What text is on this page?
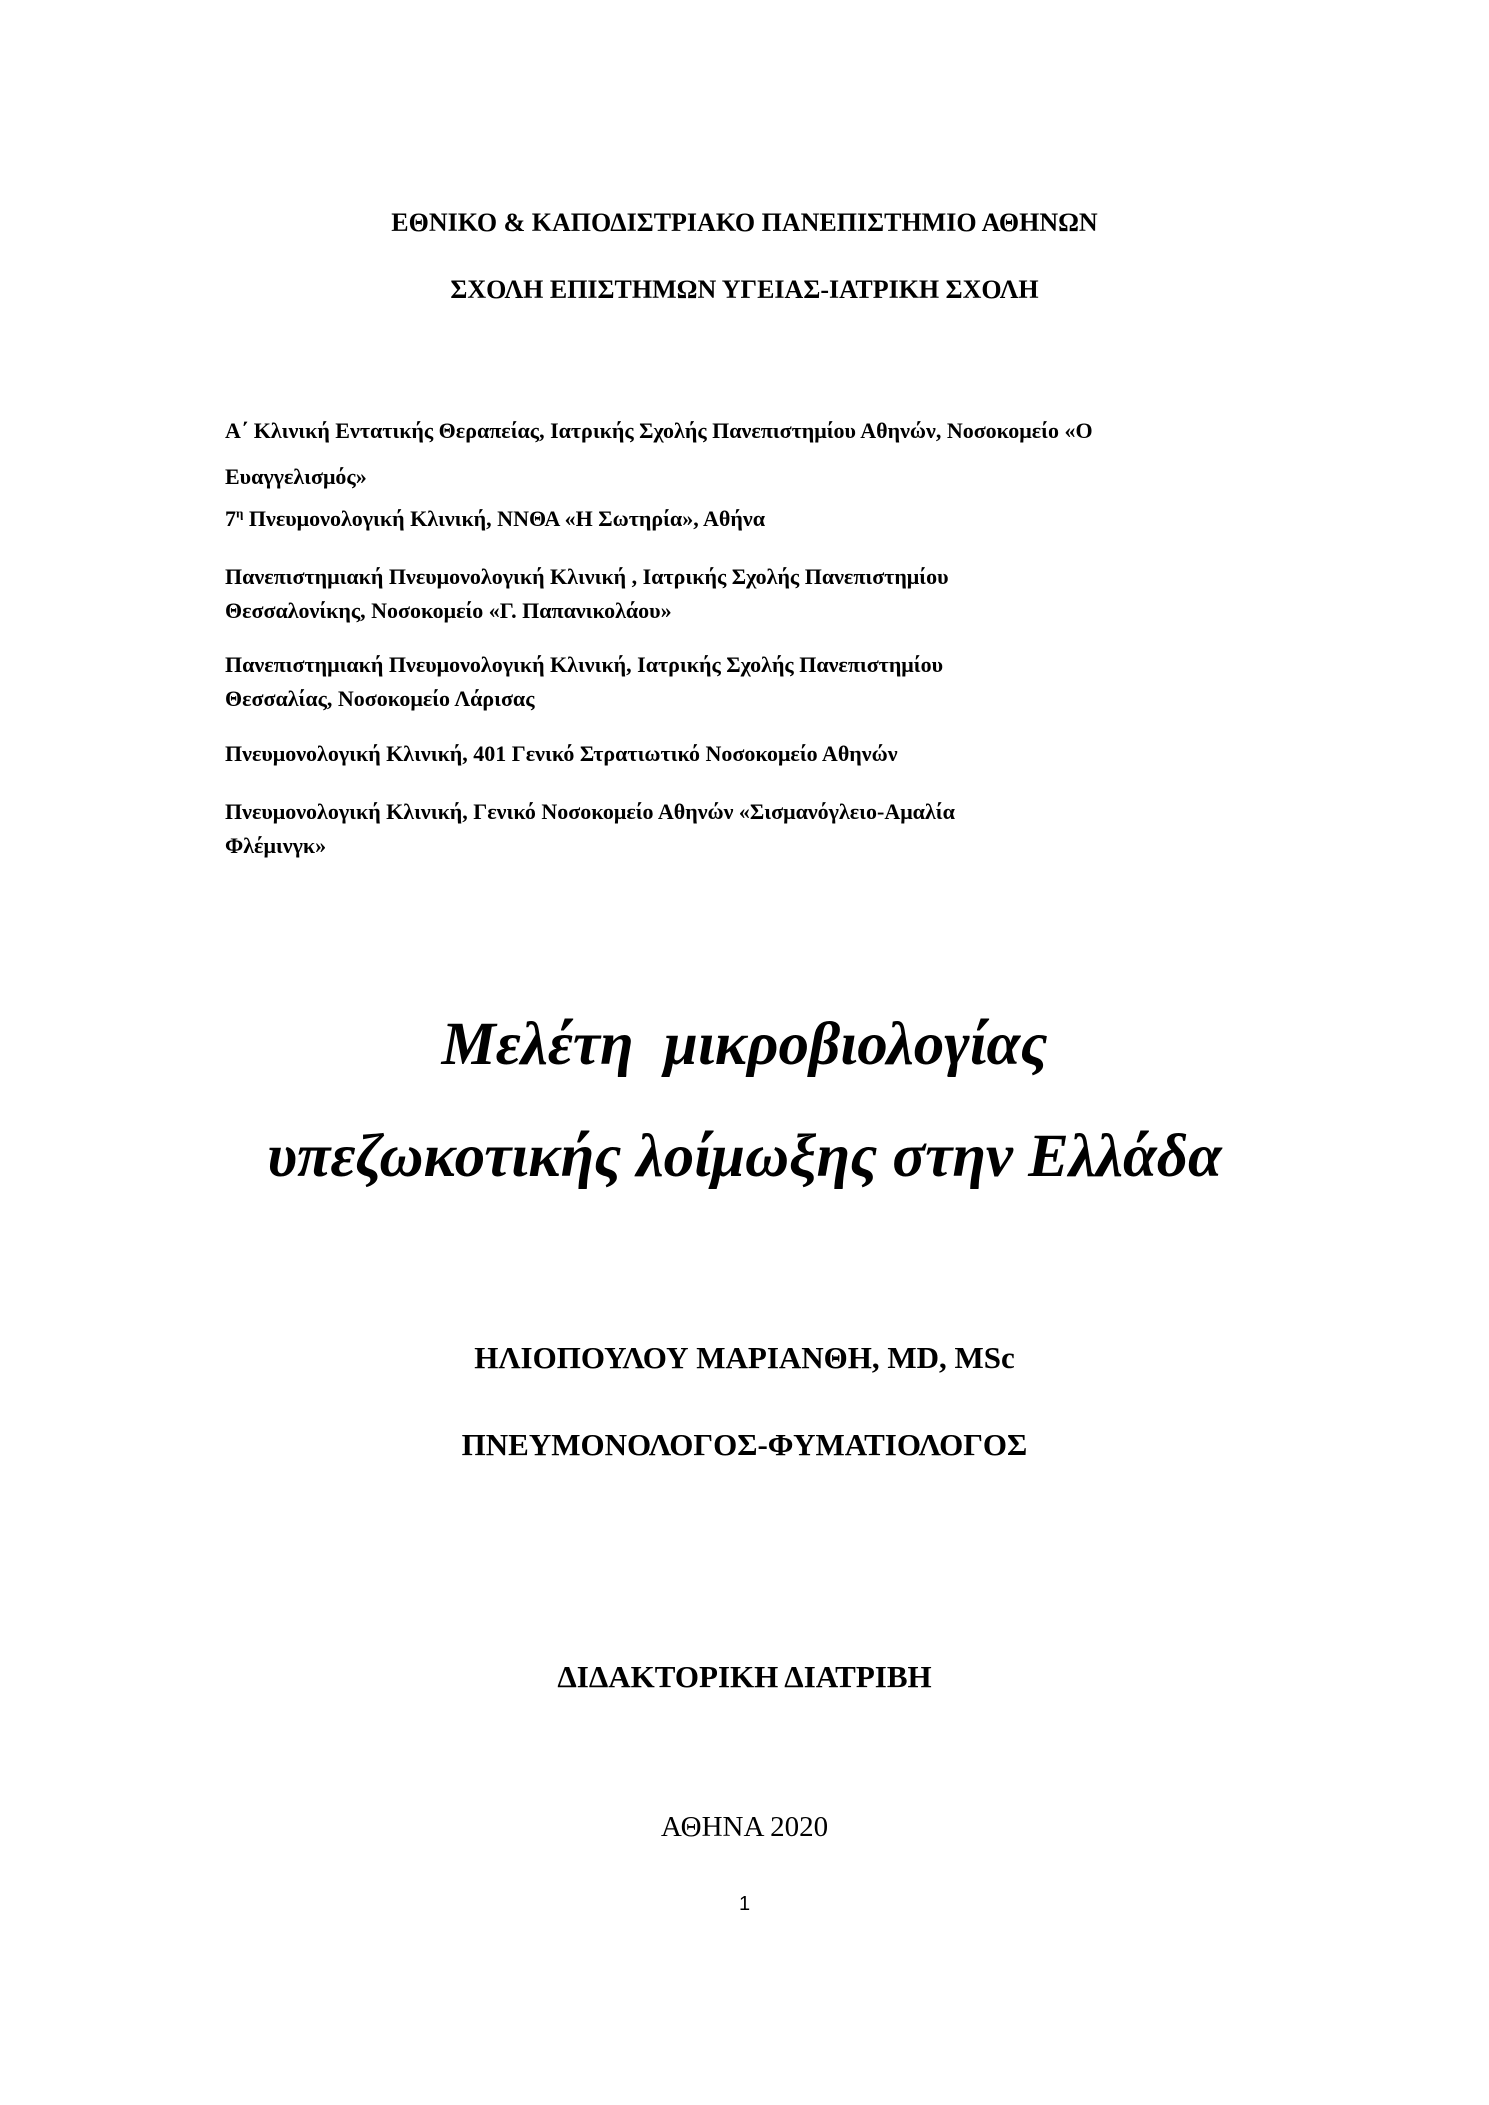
ΕΘΝΙΚΟ & ΚΑΠΟΔΙΣΤΡΙΑΚΟ ΠΑΝΕΠΙΣΤΗΜΙΟ ΑΘΗΝΩΝ
ΣΧΟΛΗ ΕΠΙΣΤΗΜΩΝ ΥΓΕΙΑΣ-ΙΑΤΡΙΚΗ ΣΧΟΛΗ

Α΄ Κλινική Εντατικής Θεραπείας, Ιατρικής Σχολής Πανεπιστημίου Αθηνών, Νοσοκομείο «Ο

Ευαγγελισμός»

$7^\eta$ Πνευμονολογική Κλινική, ΝΝΘΑ «Η Σωτηρία», Αθήνα

Πανεπιστημιακή Πνευμονολογική Κλινική , Ιατρικής Σχολής Πανεπιστημίου

Θεσσαλονίκης, Νοσοκομείο «Γ. Παπανικολάου»

Πανεπιστημιακή Πνευμονολογική Κλινική, Ιατρικής Σχολής Πανεπιστημίου

Θεσσαλίας, Νοσοκομείο Λάρισας

Πνευμονολογική Κλινική, 401 Γενικό Στρατιωτικό Νοσοκομείο Αθηνών

Πνευμονολογική Κλινική, Γενικό Νοσοκομείο Αθηνών «Σισμανόγλειο-Αμαλία

Φλέμινγκ»

Μελέτη  μικροβιολογίας
υπεζωκοτικής λοίμωξης στην Ελλάδα
ΗΛΙΟΠΟΥΛΟΥ ΜΑΡΙΑΝΘΗ, MD, MSc
ΠΝΕΥΜΟΝΟΛΟΓΟΣ-ΦΥΜΑΤΙΟΛΟΓΟΣ
ΔΙΔΑΚΤΟΡΙΚΗ ΔΙΑΤΡΙΒΗ
ΑΘΗΝΑ 2020
1
